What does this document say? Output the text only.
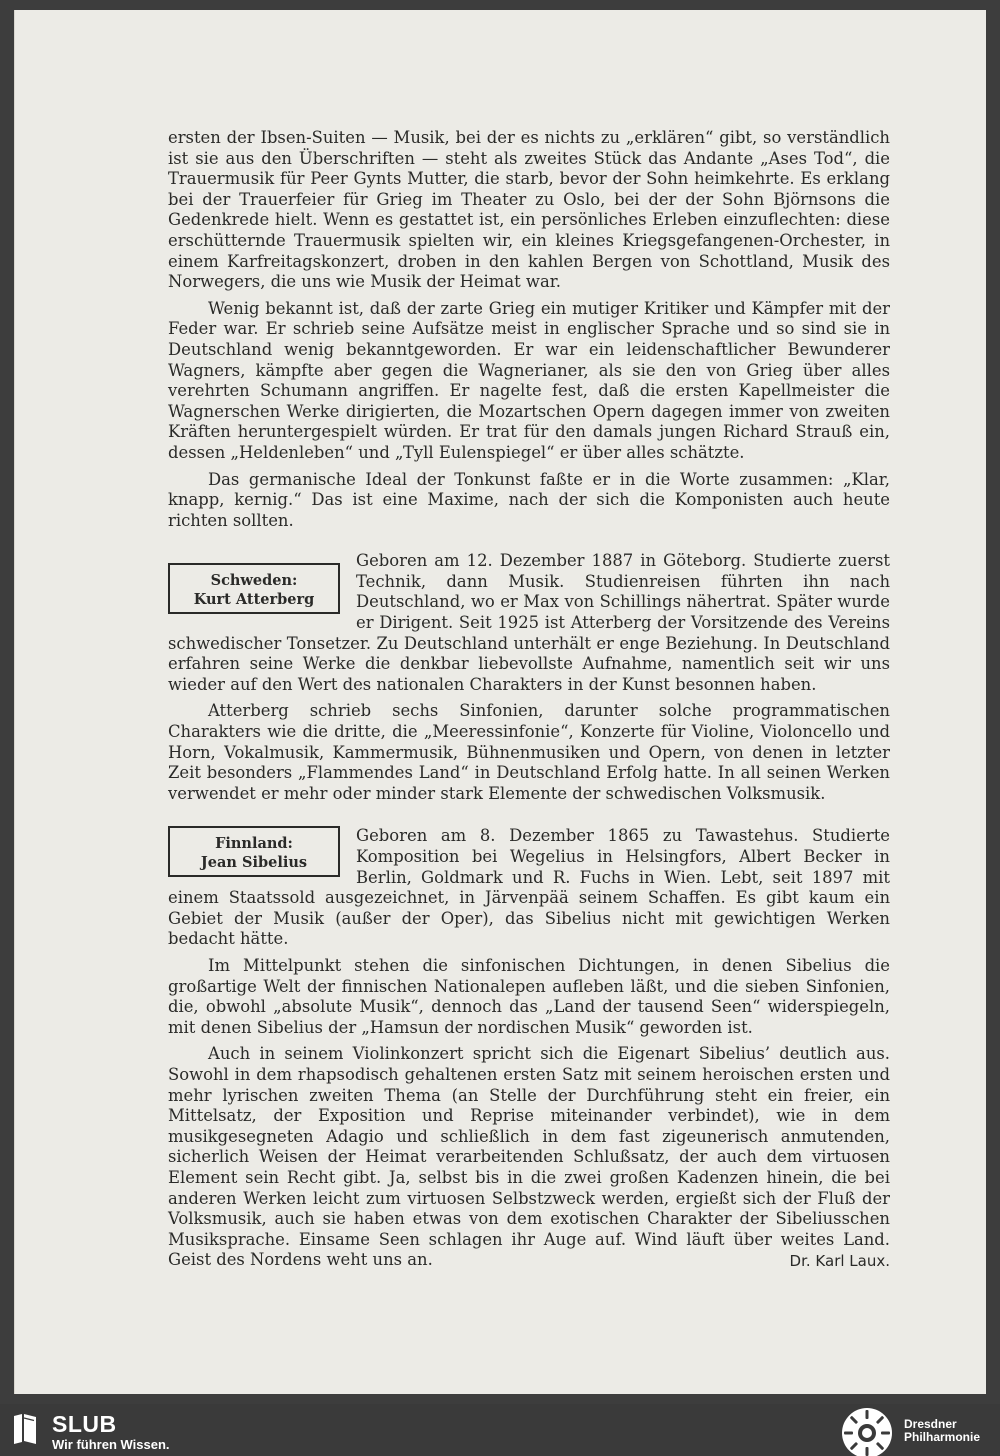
ersten der Ibsen-Suiten — Musik, bei der es nichts zu „erklären“ gibt, so verständlich ist sie aus den Überschriften — steht als zweites Stück das Andante „Ases Tod“, die Trauermusik für Peer Gynts Mutter, die starb, bevor der Sohn heimkehrte. Es erklang bei der Trauerfeier für Grieg im Theater zu Oslo, bei der der Sohn Björnsons die Gedenkrede hielt. Wenn es gestattet ist, ein persönliches Erleben einzuflechten: diese erschütternde Trauermusik spielten wir, ein kleines Kriegsgefangenen-Orchester, in einem Karfreitagskonzert, droben in den kahlen Bergen von Schottland, Musik des Norwegers, die uns wie Musik der Heimat war.

Wenig bekannt ist, daß der zarte Grieg ein mutiger Kritiker und Kämpfer mit der Feder war. Er schrieb seine Aufsätze meist in englischer Sprache und so sind sie in Deutschland wenig bekanntgeworden. Er war ein leidenschaftlicher Bewunderer Wagners, kämpfte aber gegen die Wagnerianer, als sie den von Grieg über alles verehrten Schumann angriffen. Er nagelte fest, daß die ersten Kapellmeister die Wagnerschen Werke dirigierten, die Mozartschen Opern dagegen immer von zweiten Kräften heruntergespielt würden. Er trat für den damals jungen Richard Strauß ein, dessen „Heldenleben“ und „Tyll Eulenspiegel“ er über alles schätzte.

Das germanische Ideal der Tonkunst faßte er in die Worte zusammen: „Klar, knapp, kernig.“ Das ist eine Maxime, nach der sich die Komponisten auch heute richten sollten.

Schweden:
Kurt Atterberg

Geboren am 12. Dezember 1887 in Göteborg. Studierte zuerst Technik, dann Musik. Studienreisen führten ihn nach Deutschland, wo er Max von Schillings nähertrat. Später wurde er Dirigent. Seit 1925 ist Atterberg der Vorsitzende des Vereins schwedischer Tonsetzer. Zu Deutschland unterhält er enge Beziehung. In Deutschland erfahren seine Werke die denkbar liebevollste Aufnahme, namentlich seit wir uns wieder auf den Wert des nationalen Charakters in der Kunst besonnen haben.

Atterberg schrieb sechs Sinfonien, darunter solche programmatischen Charakters wie die dritte, die „Meeressinfonie“, Konzerte für Violine, Violoncello und Horn, Vokalmusik, Kammermusik, Bühnenmusiken und Opern, von denen in letzter Zeit besonders „Flammendes Land“ in Deutschland Erfolg hatte. In all seinen Werken verwendet er mehr oder minder stark Elemente der schwedischen Volksmusik.

Finnland:
Jean Sibelius

Geboren am 8. Dezember 1865 zu Tawastehus. Studierte Komposition bei Wegelius in Helsingfors, Albert Becker in Berlin, Goldmark und R. Fuchs in Wien. Lebt, seit 1897 mit einem Staatssold ausgezeichnet, in Järvenpää seinem Schaffen. Es gibt kaum ein Gebiet der Musik (außer der Oper), das Sibelius nicht mit gewichtigen Werken bedacht hätte.

Im Mittelpunkt stehen die sinfonischen Dichtungen, in denen Sibelius die großartige Welt der finnischen Nationalepen aufleben läßt, und die sieben Sinfonien, die, obwohl „absolute Musik“, dennoch das „Land der tausend Seen“ widerspiegeln, mit denen Sibelius der „Hamsun der nordischen Musik“ geworden ist.

Auch in seinem Violinkonzert spricht sich die Eigenart Sibelius’ deutlich aus. Sowohl in dem rhapsodisch gehaltenen ersten Satz mit seinem heroischen ersten und mehr lyrischen zweiten Thema (an Stelle der Durchführung steht ein freier, ein Mittelsatz, der Exposition und Reprise miteinander verbindet), wie in dem musikgesegneten Adagio und schließlich in dem fast zigeunerisch anmutenden, sicherlich Weisen der Heimat verarbeitenden Schlußsatz, der auch dem virtuosen Element sein Recht gibt. Ja, selbst bis in die zwei großen Kadenzen hinein, die bei anderen Werken leicht zum virtuosen Selbstzweck werden, ergießt sich der Fluß der Volksmusik, auch sie haben etwas von dem exotischen Charakter der Sibeliusschen Musiksprache. Einsame Seen schlagen ihr Auge auf. Wind läuft über weites Land. Geist des Nordens weht uns an.	Dr. Karl Laux.
SLUB
Wir führen Wissen.
Dresdner
Philharmonie
